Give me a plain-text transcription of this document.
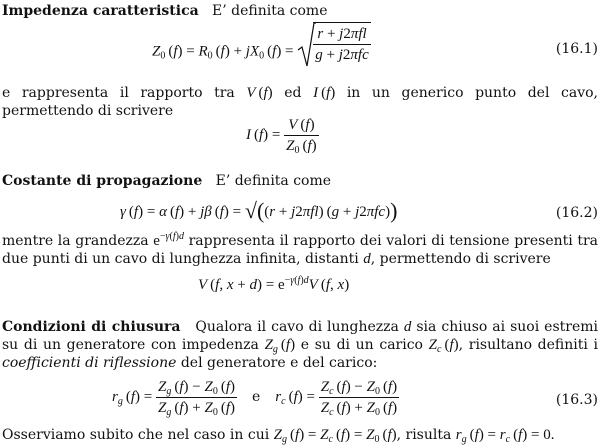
Impedenza caratteristica E’ definita come
$Z_0$ $(f) = R_0$ $(f) + jX_0$ $(f) = \frac{\text{r + j2πfl}}{\text{g + j2πfc}}$	(16.1)
e rappresenta il rapporto tra V (f) ed I (f) in un generico punto del cavo, permettendo di scrivere
I $(f) = \frac{V (f)}{Z_0 (f)}$
Costante di propagazione E’ definita come
γ (f) = α (f) + jβ (f) = √((r + j2πfl) (g + j2πfc))	(16.2)
mentre la grandezza $e^{-\gamma(f)d}$ rappresenta il rapporto dei valori di tensione presenti tra due punti di un cavo di lunghezza infinita, distanti d, permettendo di scrivere
V (f, $x + d) = e^{-\gamma(f)d}V$ (f, x)
Condizioni di chiusura Qualora il cavo di lunghezza d sia chiuso ai suoi estremi su di un generatore con impedenza $Z_g$ (f) e su di un carico $Z_c$ (f), risultano definiti i coefficienti di riflessione del generatore e del carico:
$r_g$ $(f) = \frac{Z_g (f) - Z_0 (f)}{Z_g (f) + Z_0 (f)}$ e $r_c$ $(f) = \frac{Z_c (f) - Z_0 (f)}{Z_c (f) + Z_0 (f)}$	(16.3)
Osserviamo subito che nel caso in cui $Z_g$ $(f) = Z_c$ $(f) = Z_0$ (f), risulta $r_g$ $(f) = r_c$ (f) = 0.
